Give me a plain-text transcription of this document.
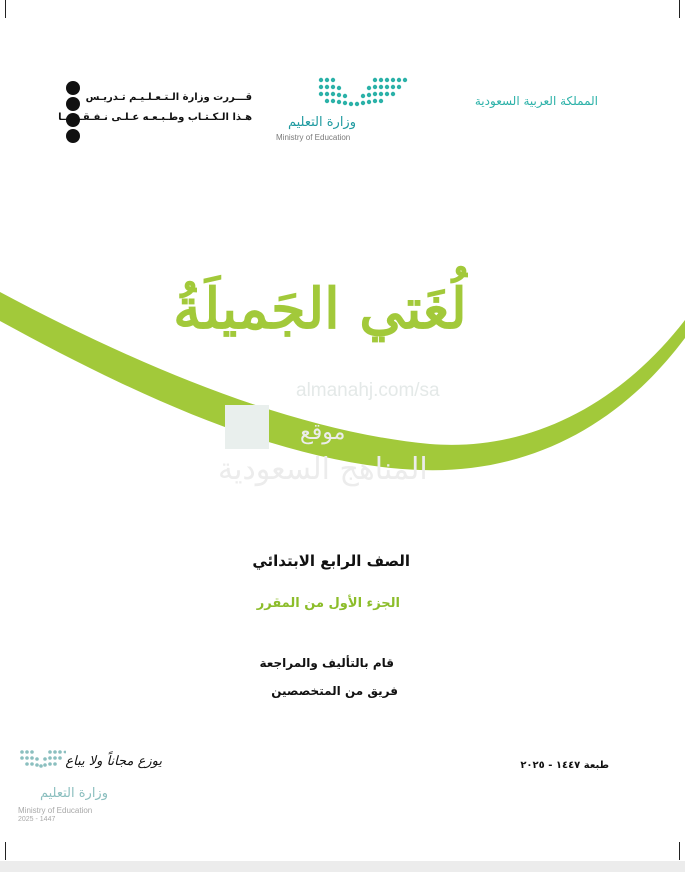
المملكة العربية السعودية
وزارة التعليم
Ministry of Education
قـــررت وزارة الـتـعـلـيـم تـدريـس
هـذا الـكـتـاب وطـبـعـه عـلـى نـفـقـتـهـا
almanahj.com/sa
موقع
المناهج السعودية
لُغَتي الجَميلَةُ
الصف الرابع الابتدائي
الجزء الأول من المقرر
قام بالتأليف والمراجعة
فريق من المتخصصين
طبعة ١٤٤٧ - ٢٠٢٥
يوزع مجاناً ولا يباع
وزارة التعليم
Ministry of Education
2025 - 1447
